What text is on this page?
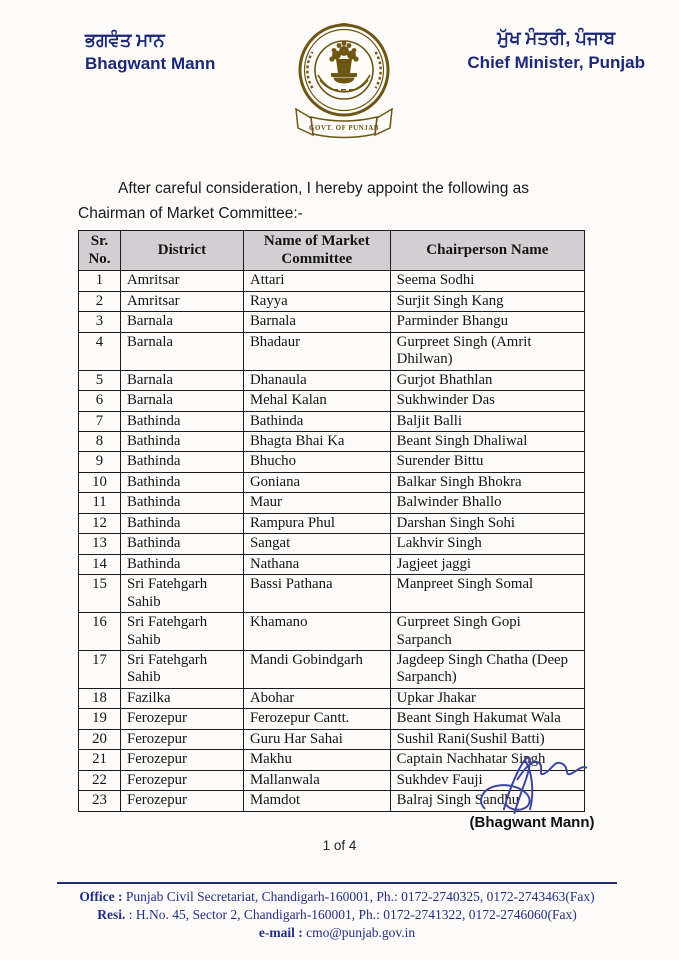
ਭਗਵੰਤ ਮਾਨ
Bhagwant Mann
GOVT. OF PUNJAB
ਮੁੱਖ ਮੰਤਰੀ, ਪੰਜਾਬ
Chief Minister, Punjab

After careful consideration, I hereby appoint the following as Chairman of Market Committee:-

Sr. No.	District	Name of Market Committee	Chairperson Name
1	Amritsar	Attari	Seema Sodhi
2	Amritsar	Rayya	Surjit Singh Kang
3	Barnala	Barnala	Parminder Bhangu
4	Barnala	Bhadaur	Gurpreet Singh (Amrit Dhilwan)
5	Barnala	Dhanaula	Gurjot Bhathlan
6	Barnala	Mehal Kalan	Sukhwinder Das
7	Bathinda	Bathinda	Baljit Balli
8	Bathinda	Bhagta Bhai Ka	Beant Singh Dhaliwal
9	Bathinda	Bhucho	Surender Bittu
10	Bathinda	Goniana	Balkar Singh Bhokra
11	Bathinda	Maur	Balwinder Bhallo
12	Bathinda	Rampura Phul	Darshan Singh Sohi
13	Bathinda	Sangat	Lakhvir Singh
14	Bathinda	Nathana	Jagjeet jaggi
15	Sri Fatehgarh Sahib	Bassi Pathana	Manpreet Singh Somal
16	Sri Fatehgarh Sahib	Khamano	Gurpreet Singh Gopi Sarpanch
17	Sri Fatehgarh Sahib	Mandi Gobindgarh	Jagdeep Singh Chatha (Deep Sarpanch)
18	Fazilka	Abohar	Upkar Jhakar
19	Ferozepur	Ferozepur Cantt.	Beant Singh Hakumat Wala
20	Ferozepur	Guru Har Sahai	Sushil Rani(Sushil Batti)
21	Ferozepur	Makhu	Captain Nachhatar Singh
22	Ferozepur	Mallanwala	Sukhdev Fauji
23	Ferozepur	Mamdot	Balraj Singh Sandhu
(Bhagwant Mann)
1 of 4
Office : Punjab Civil Secretariat, Chandigarh-160001, Ph.: 0172-2740325, 0172-2743463(Fax)
Resi. : H.No. 45, Sector 2, Chandigarh-160001, Ph.: 0172-2741322, 0172-2746060(Fax)
e-mail : cmo@punjab.gov.in
